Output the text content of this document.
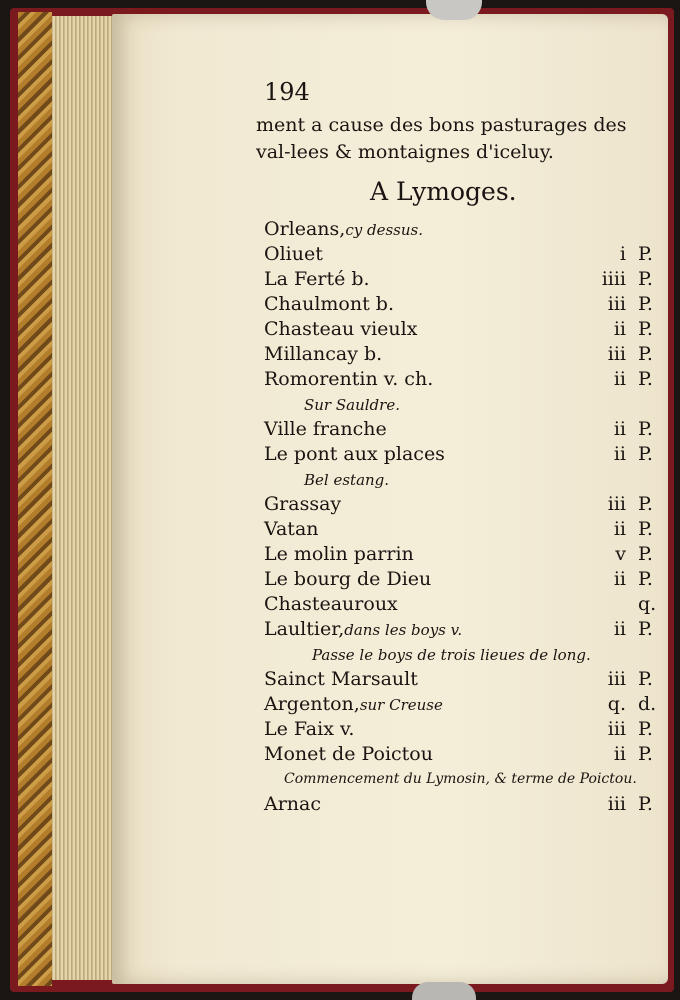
194
ment a cause des bons pasturages des val-lees & montaignes d'iceluy.
A Lymoges.
Orleans,cy dessus.
Oliuet	i P.
La Ferté b.	iiii P.
Chaulmont b.	iii P.
Chasteau vieulx	ii P.
Millancay b.	iii P.
Romorentin v. ch.	ii P.
Sur Sauldre.
Ville franche	ii P.
Le pont aux places	ii P.
Bel estang.
Grassay	iii P.
Vatan	ii P.
Le molin parrin	v P.
Le bourg de Dieu	ii P.
Chasteauroux	q.
Laultier,dans les boys v.	ii P.
Passe le boys de trois lieues de long.
Sainct Marsault	iii P.
Argenton,sur Creuse	q. d.
Le Faix v.	iii P.
Monet de Poictou	ii P.
Commencement du Lymosin, & terme de Poictou.
Arnac	iii P.
